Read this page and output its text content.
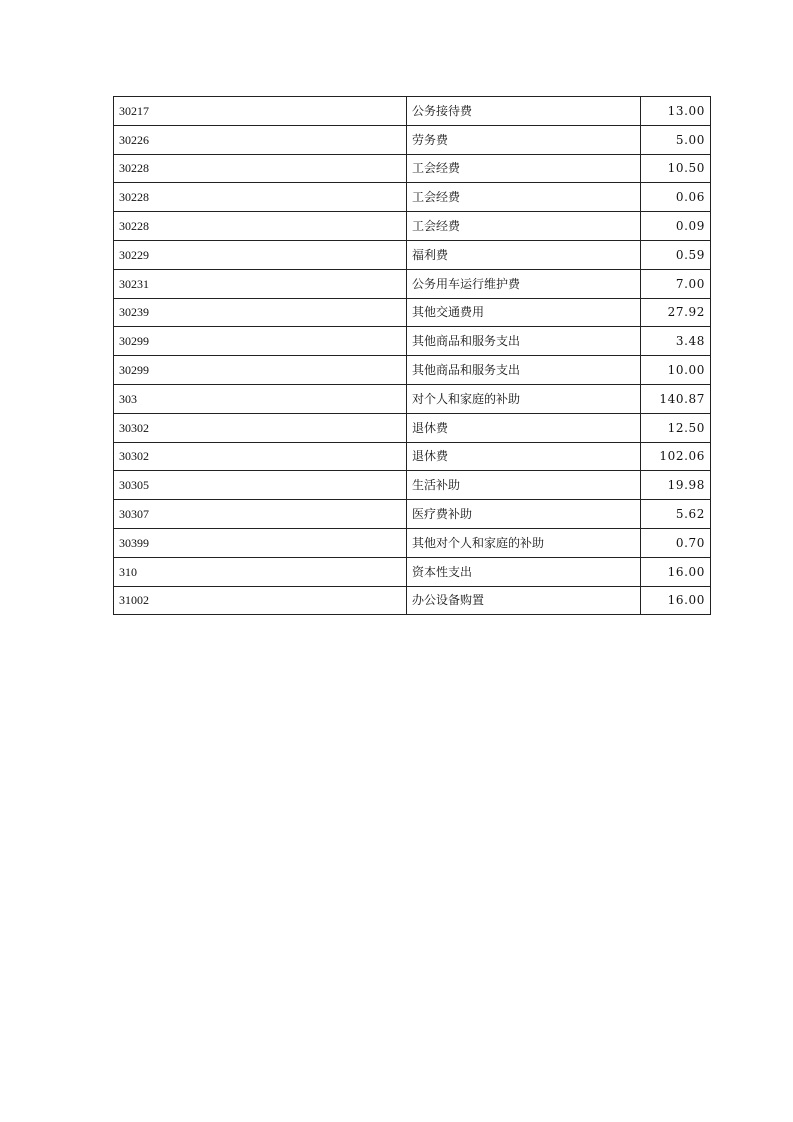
30217	公务接待费	13.00
30226	劳务费	5.00
30228	工会经费	10.50
30228	工会经费	0.06
30228	工会经费	0.09
30229	福利费	0.59
30231	公务用车运行维护费	7.00
30239	其他交通费用	27.92
30299	其他商品和服务支出	3.48
30299	其他商品和服务支出	10.00
303	对个人和家庭的补助	140.87
30302	退休费	12.50
30302	退休费	102.06
30305	生活补助	19.98
30307	医疗费补助	5.62
30399	其他对个人和家庭的补助	0.70
310	资本性支出	16.00
31002	办公设备购置	16.00
